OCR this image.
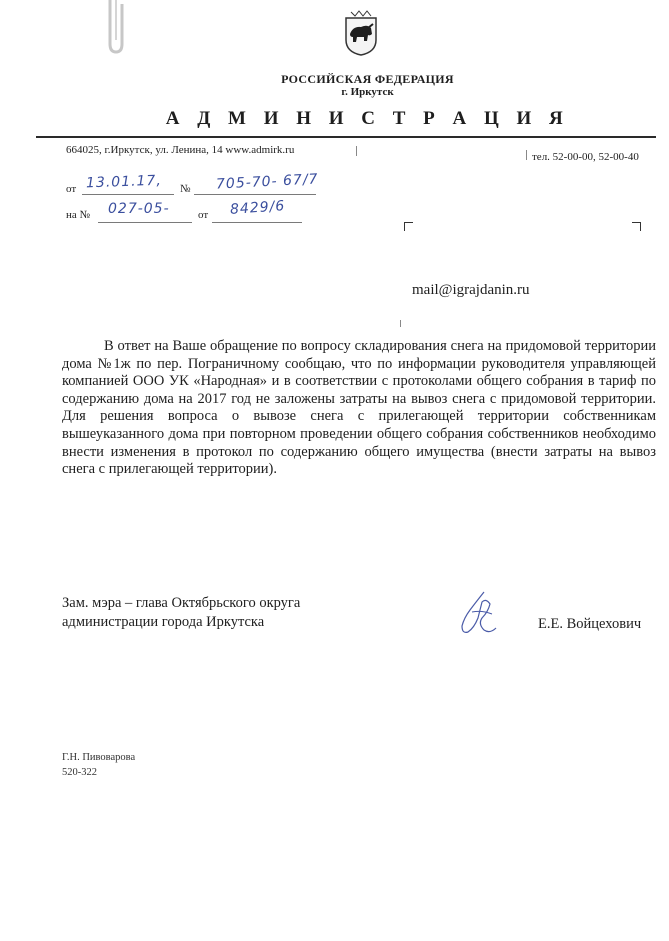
РОССИЙСКАЯ ФЕДЕРАЦИЯ
г. Иркутск
А Д М И Н И С Т Р А Ц И Я
664025, г.Иркутск, ул. Ленина, 14 www.admirk.ru
тел. 52-00-00, 52-00-40
от 13.01.17, № 705-70- 67/7
на № 027-05-	от 8429/6
mail@igrajdanin.ru
В ответ на Ваше обращение по вопросу складирования снега на придомовой территории дома №1ж по пер. Пограничному сообщаю, что по информации руководителя управляющей компанией ООО УК «Народная» и в соответствии с протоколами общего собрания в тариф по содержанию дома на 2017 год не заложены затраты на вывоз снега с придомовой территории. Для решения вопроса о вывозе снега с прилегающей территории собственникам вышеуказанного дома при повторном проведении общего собрания собственников необходимо внести изменения в протокол по содержанию общего имущества (внести затраты на вывоз снега с прилегающей территории).
Зам. мэра – глава Октябрьского округа
администрации города Иркутска	Е.Е. Войцехович
Г.Н. Пивоварова
520-322
